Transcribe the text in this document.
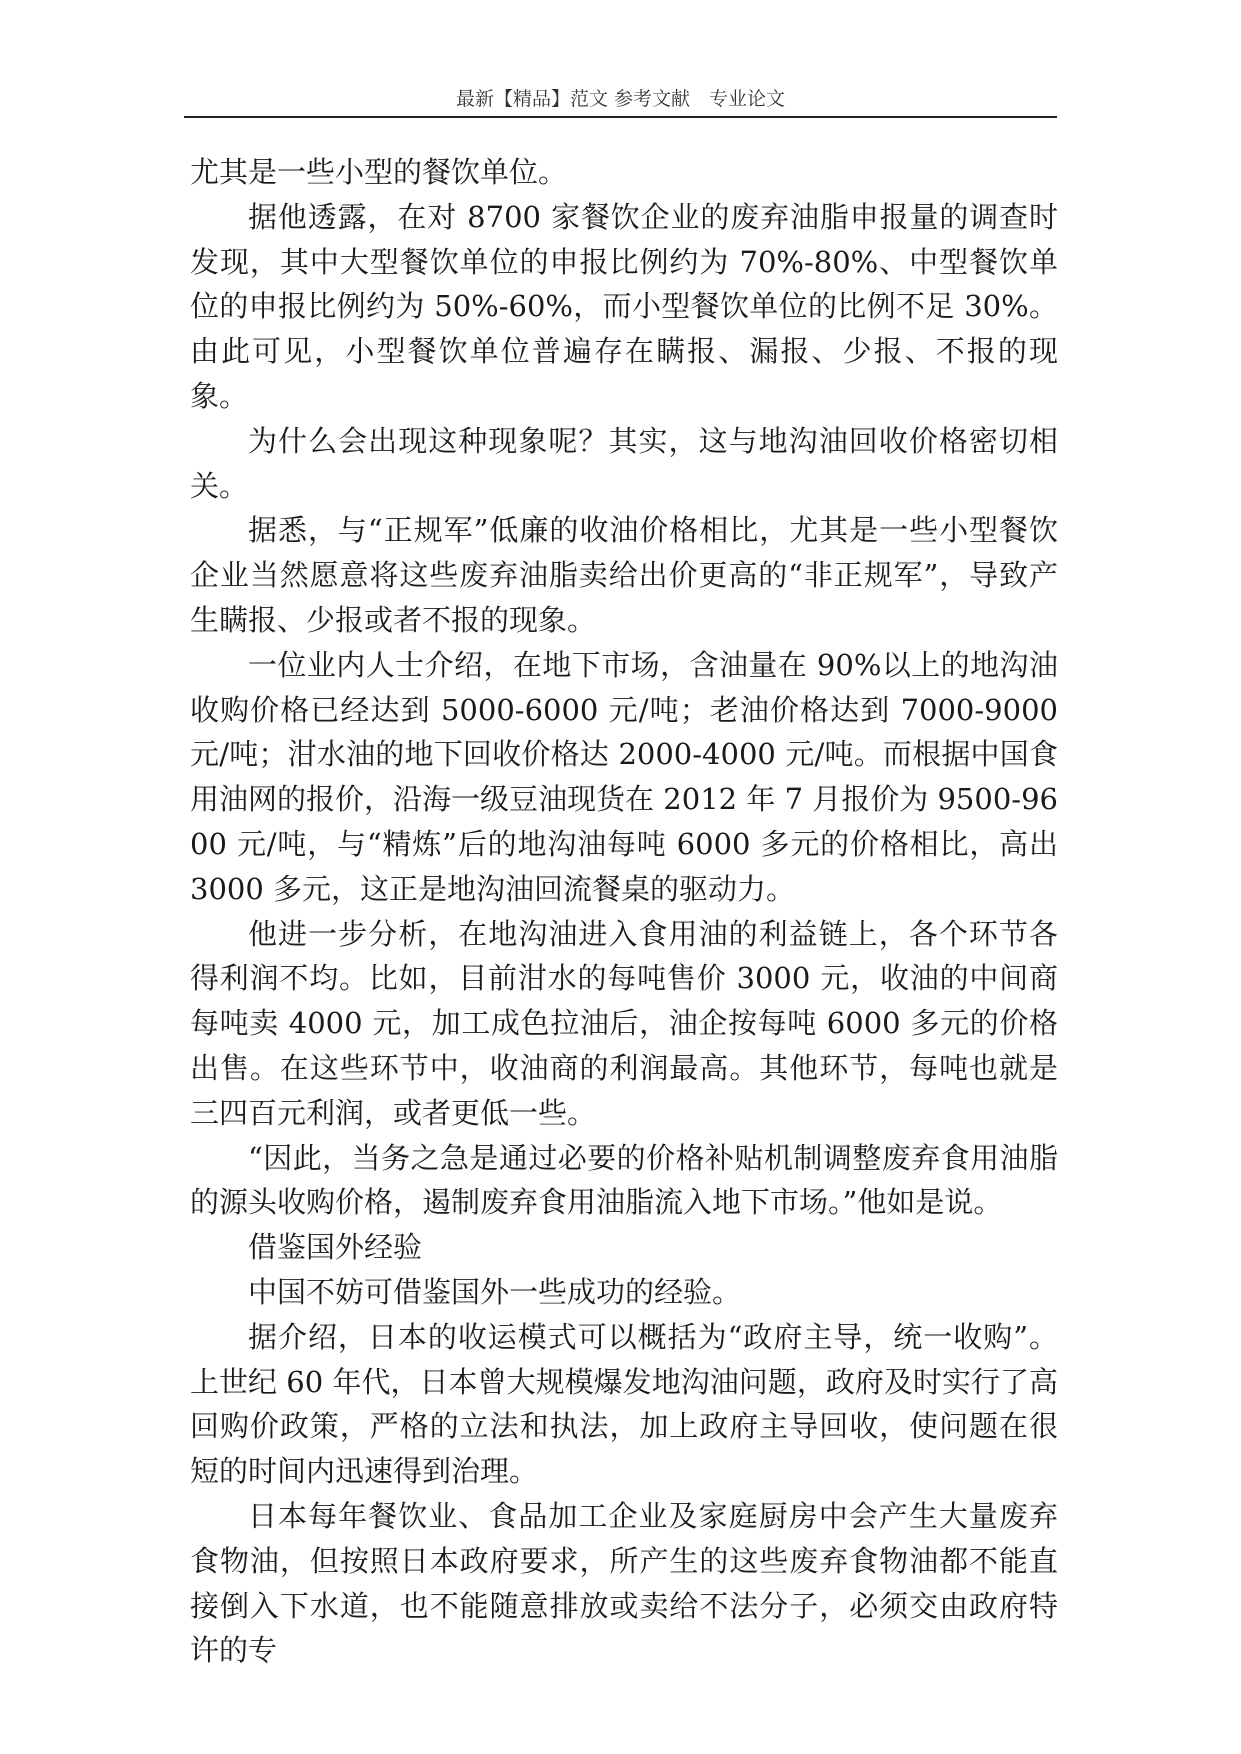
最新【精品】范文 参考文献　专业论文

尤其是一些小型的餐饮单位。

据他透露，在对 8700 家餐饮企业的废弃油脂申报量的调查时发现，其中大型餐饮单位的申报比例约为 70%-80%、中型餐饮单位的申报比例约为 50%-60%，而小型餐饮单位的比例不足 30%。由此可见，小型餐饮单位普遍存在瞒报、漏报、少报、不报的现象。

为什么会出现这种现象呢？其实，这与地沟油回收价格密切相关。

据悉，与“正规军”低廉的收油价格相比，尤其是一些小型餐饮企业当然愿意将这些废弃油脂卖给出价更高的“非正规军”，导致产生瞒报、少报或者不报的现象。

一位业内人士介绍，在地下市场，含油量在 90%以上的地沟油收购价格已经达到 5000-6000 元/吨；老油价格达到 7000-9000 元/吨；泔水油的地下回收价格达 2000-4000 元/吨。而根据中国食用油网的报价，沿海一级豆油现货在 2012 年 7 月报价为 9500-9600 元/吨，与“精炼”后的地沟油每吨 6000 多元的价格相比，高出 3000 多元，这正是地沟油回流餐桌的驱动力。

他进一步分析，在地沟油进入食用油的利益链上，各个环节各得利润不均。比如，目前泔水的每吨售价 3000 元，收油的中间商每吨卖 4000 元，加工成色拉油后，油企按每吨 6000 多元的价格出售。在这些环节中，收油商的利润最高。其他环节，每吨也就是三四百元利润，或者更低一些。

“因此，当务之急是通过必要的价格补贴机制调整废弃食用油脂的源头收购价格，遏制废弃食用油脂流入地下市场。”他如是说。

借鉴国外经验

中国不妨可借鉴国外一些成功的经验。

据介绍，日本的收运模式可以概括为“政府主导，统一收购”。上世纪 60 年代，日本曾大规模爆发地沟油问题，政府及时实行了高回购价政策，严格的立法和执法，加上政府主导回收，使问题在很短的时间内迅速得到治理。

日本每年餐饮业、食品加工企业及家庭厨房中会产生大量废弃食物油，但按照日本政府要求，所产生的这些废弃食物油都不能直接倒入下水道，也不能随意排放或卖给不法分子，必须交由政府特许的专
